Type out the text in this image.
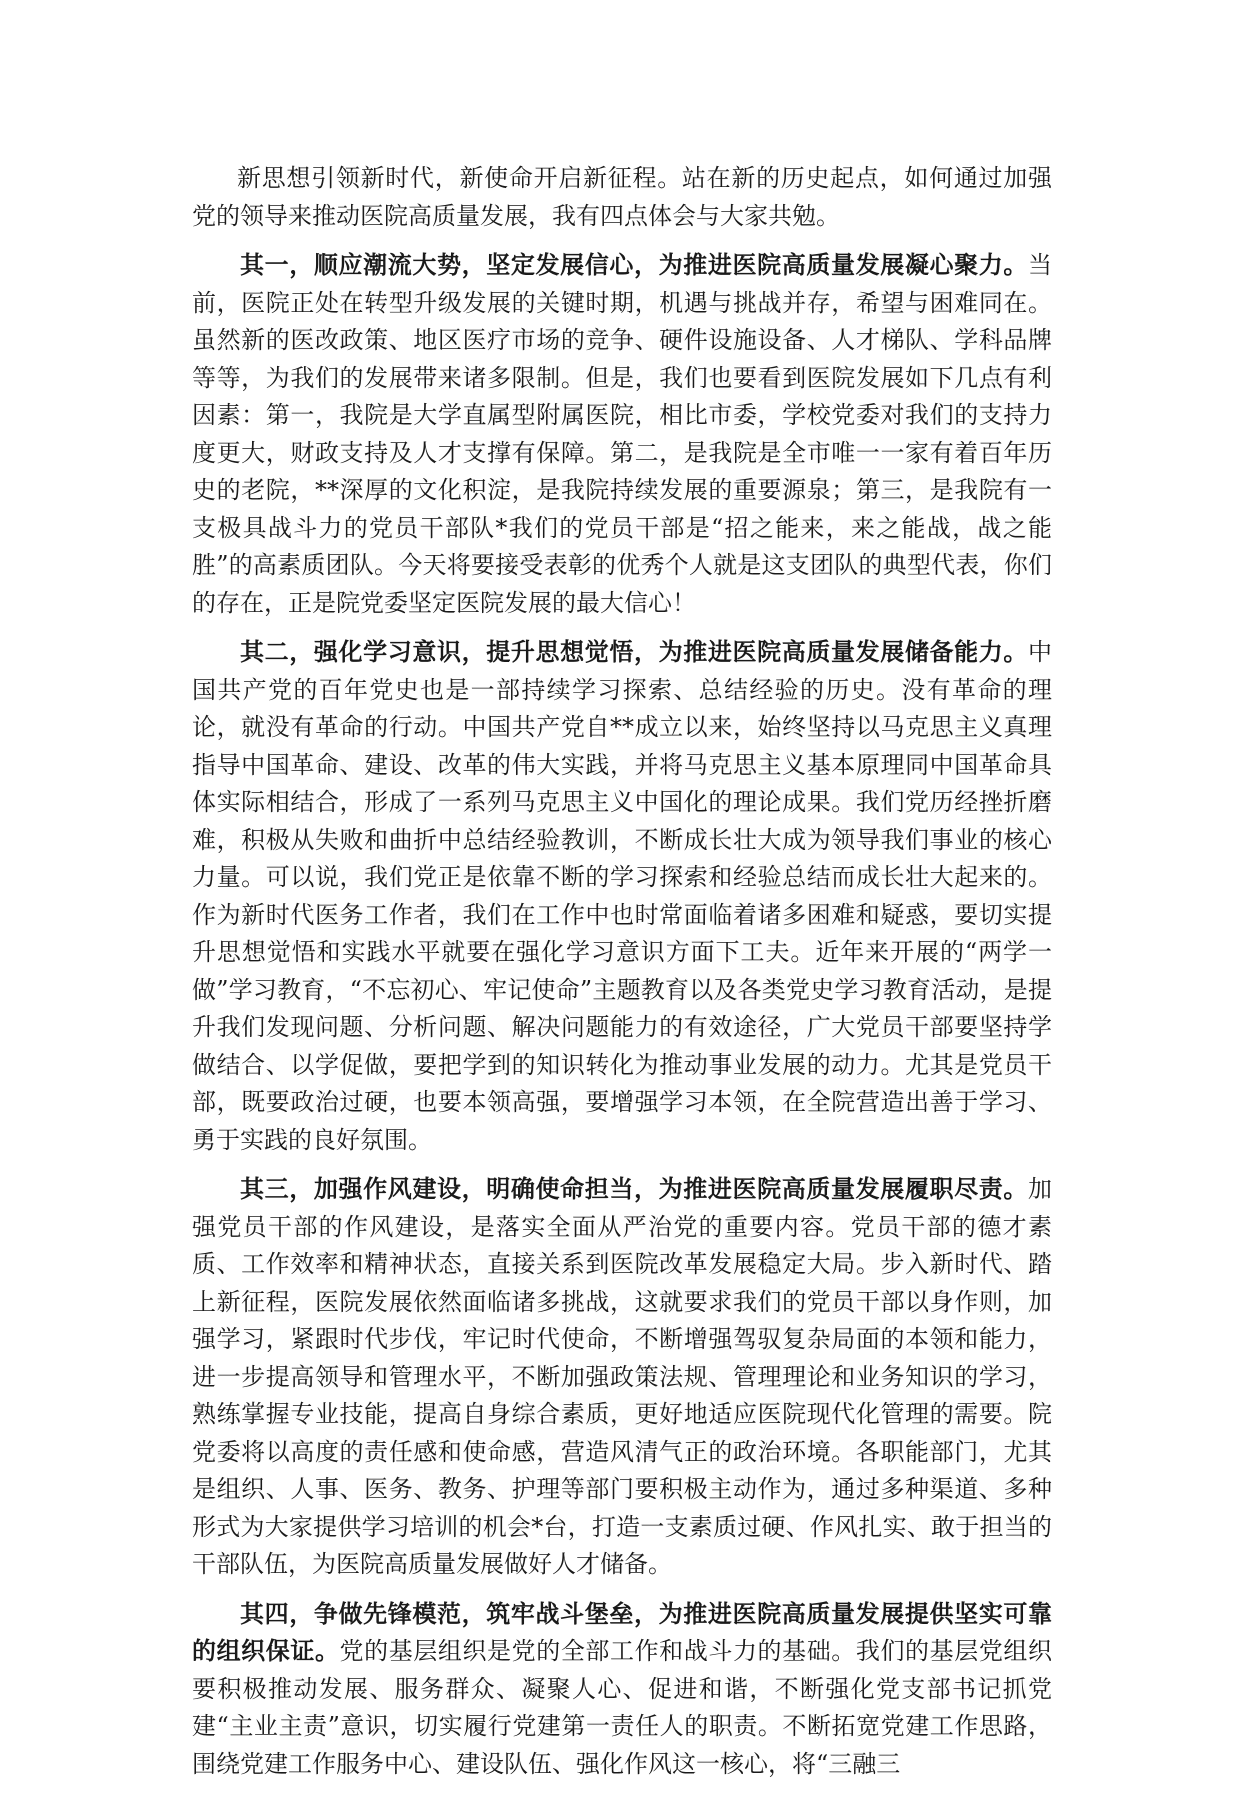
新思想引领新时代，新使命开启新征程。站在新的历史起点，如何通过加强党的领导来推动医院高质量发展，我有四点体会与大家共勉。

其一，顺应潮流大势，坚定发展信心，为推进医院高质量发展凝心聚力。当前，医院正处在转型升级发展的关键时期，机遇与挑战并存，希望与困难同在。虽然新的医改政策、地区医疗市场的竞争、硬件设施设备、人才梯队、学科品牌等等，为我们的发展带来诸多限制。但是，我们也要看到医院发展如下几点有利因素：第一，我院是大学直属型附属医院，相比市委，学校党委对我们的支持力度更大，财政支持及人才支撑有保障。第二，是我院是全市唯一一家有着百年历史的老院，**深厚的文化积淀，是我院持续发展的重要源泉；第三，是我院有一支极具战斗力的党员干部队*我们的党员干部是“招之能来，来之能战，战之能胜”的高素质团队。今天将要接受表彰的优秀个人就是这支团队的典型代表，你们的存在，正是院党委坚定医院发展的最大信心！

其二，强化学习意识，提升思想觉悟，为推进医院高质量发展储备能力。中国共产党的百年党史也是一部持续学习探索、总结经验的历史。没有革命的理论，就没有革命的行动。中国共产党自**成立以来，始终坚持以马克思主义真理指导中国革命、建设、改革的伟大实践，并将马克思主义基本原理同中国革命具体实际相结合，形成了一系列马克思主义中国化的理论成果。我们党历经挫折磨难，积极从失败和曲折中总结经验教训，不断成长壮大成为领导我们事业的核心力量。可以说，我们党正是依靠不断的学习探索和经验总结而成长壮大起来的。作为新时代医务工作者，我们在工作中也时常面临着诸多困难和疑惑，要切实提升思想觉悟和实践水平就要在强化学习意识方面下工夫。近年来开展的“两学一做”学习教育，“不忘初心、牢记使命”主题教育以及各类党史学习教育活动，是提升我们发现问题、分析问题、解决问题能力的有效途径，广大党员干部要坚持学做结合、以学促做，要把学到的知识转化为推动事业发展的动力。尤其是党员干部，既要政治过硬，也要本领高强，要增强学习本领，在全院营造出善于学习、勇于实践的良好氛围。

其三，加强作风建设，明确使命担当，为推进医院高质量发展履职尽责。加强党员干部的作风建设，是落实全面从严治党的重要内容。党员干部的德才素质、工作效率和精神状态，直接关系到医院改革发展稳定大局。步入新时代、踏上新征程，医院发展依然面临诸多挑战，这就要求我们的党员干部以身作则，加强学习，紧跟时代步伐，牢记时代使命，不断增强驾驭复杂局面的本领和能力，进一步提高领导和管理水平，不断加强政策法规、管理理论和业务知识的学习，熟练掌握专业技能，提高自身综合素质，更好地适应医院现代化管理的需要。院党委将以高度的责任感和使命感，营造风清气正的政治环境。各职能部门，尤其是组织、人事、医务、教务、护理等部门要积极主动作为，通过多种渠道、多种形式为大家提供学习培训的机会*台，打造一支素质过硬、作风扎实、敢于担当的干部队伍，为医院高质量发展做好人才储备。

其四，争做先锋模范，筑牢战斗堡垒，为推进医院高质量发展提供坚实可靠的组织保证。党的基层组织是党的全部工作和战斗力的基础。我们的基层党组织要积极推动发展、服务群众、凝聚人心、促进和谐，不断强化党支部书记抓党建“主业主责”意识，切实履行党建第一责任人的职责。不断拓宽党建工作思路，围绕党建工作服务中心、建设队伍、强化作风这一核心，将“三融三
